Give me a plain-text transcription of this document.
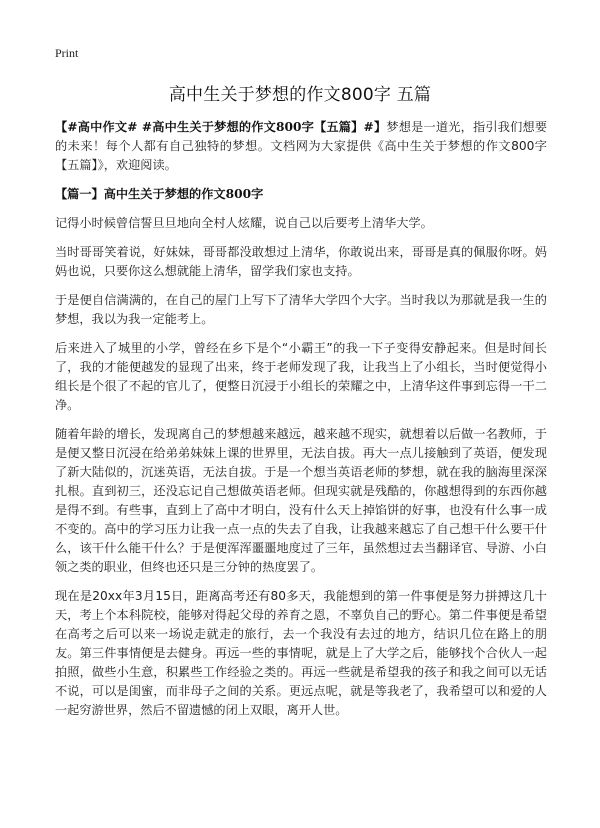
Print
高中生关于梦想的作文800字 五篇

【#高中作文# #高中生关于梦想的作文800字【五篇】#】梦想是一道光，指引我们想要的未来！每个人都有自己独特的梦想。文档网为大家提供《高中生关于梦想的作文800字【五篇】》，欢迎阅读。

【篇一】高中生关于梦想的作文800字

记得小时候曾信誓旦旦地向全村人炫耀，说自己以后要考上清华大学。

当时哥哥笑着说，好妹妹，哥哥都没敢想过上清华，你敢说出来，哥哥是真的佩服你呀。妈妈也说，只要你这么想就能上清华，留学我们家也支持。

于是便自信满满的，在自己的屋门上写下了清华大学四个大字。当时我以为那就是我一生的梦想，我以为我一定能考上。

后来进入了城里的小学，曾经在乡下是个“小霸王”的我一下子变得安静起来。但是时间长了，我的才能便越发的显现了出来，终于老师发现了我，让我当上了小组长，当时便觉得小组长是个很了不起的官儿了，便整日沉浸于小组长的荣耀之中，上清华这件事到忘得一干二净。

随着年龄的增长，发现离自己的梦想越来越远，越来越不现实，就想着以后做一名教师，于是便又整日沉浸在给弟弟妹妹上课的世界里，无法自拔。再大一点儿接触到了英语，便发现了新大陆似的，沉迷英语，无法自拔。于是一个想当英语老师的梦想，就在我的脑海里深深扎根。直到初三，还没忘记自己想做英语老师。但现实就是残酷的，你越想得到的东西你越是得不到。有些事，直到上了高中才明白，没有什么天上掉馅饼的好事，也没有什么事一成不变的。高中的学习压力让我一点一点的失去了自我，让我越来越忘了自己想干什么要干什么，该干什么能干什么？于是便浑浑噩噩地度过了三年，虽然想过去当翻译官、导游、小白领之类的职业，但终也还只是三分钟的热度罢了。

现在是20xx年3月15日，距离高考还有80多天，我能想到的第一件事便是努力拼搏这几十天，考上个本科院校，能够对得起父母的养育之恩，不辜负自己的野心。第二件事便是希望在高考之后可以来一场说走就走的旅行，去一个我没有去过的地方，结识几位在路上的朋友。第三件事情便是去健身。再远一些的事情呢，就是上了大学之后，能够找个合伙人一起拍照，做些小生意，积累些工作经验之类的。再远一些就是希望我的孩子和我之间可以无话不说，可以是闺蜜，而非母子之间的关系。更远点呢，就是等我老了，我希望可以和爱的人一起穷游世界，然后不留遗憾的闭上双眼，离开人世。
